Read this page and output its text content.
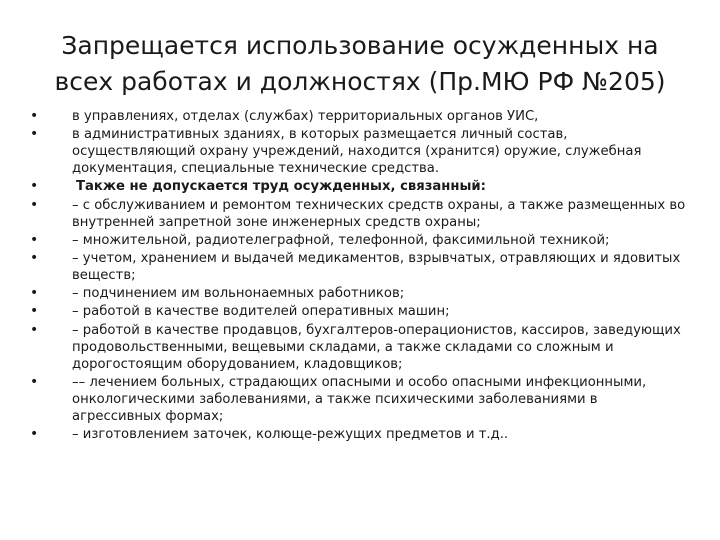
Запрещается использование осужденных на всех работах и должностях (Пр.МЮ РФ №205)
•	в управлениях, отделах (службах) территориальных органов УИС,
•	в административных зданиях, в которых размещается личный состав, осуществляющий охрану учреждений, находится (хранится) оружие, служебная документация, специальные технические средства.
•	Также не допускается труд осужденных, связанный:
•	– с обслуживанием и ремонтом технических средств охраны, а также размещенных во внутренней запретной зоне инженерных средств охраны;
•	– множительной, радиотелеграфной, телефонной, факсимильной техникой;
•	– учетом, хранением и выдачей медикаментов, взрывчатых, отравляющих и ядовитых веществ;
•	– подчинением им вольнонаемных работников;
•	– работой в качестве водителей оперативных машин;
•	– работой в качестве продавцов, бухгалтеров-операционистов, кассиров, заведующих продовольственными, вещевыми складами, а также складами со сложным и дорогостоящим оборудованием, кладовщиков;
•	–– лечением больных, страдающих опасными и особо опасными инфекционными, онкологическими заболеваниями, а также психическими заболеваниями в агрессивных формах;
•	– изготовлением заточек, колюще-режущих предметов и т.д..
